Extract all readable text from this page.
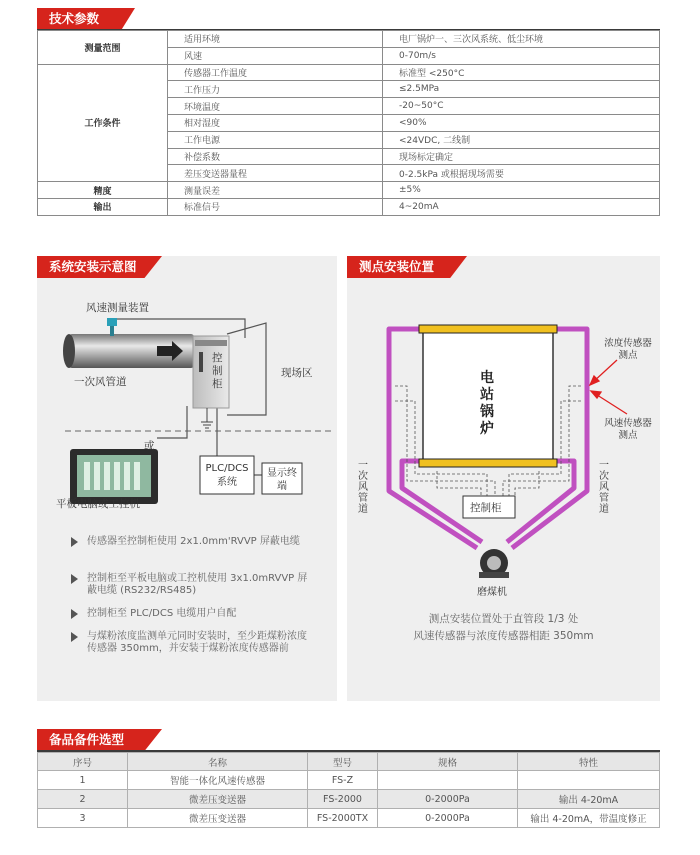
技术参数
测量范围	适用环境	电厂锅炉一、三次风系统、低尘环境
	风速	0-70m/s
工作条件	传感器工作温度	标准型 <250°C
	工作压力	≤2.5MPa
	环境温度	-20~50°C
	相对湿度	<90%
	工作电源	<24VDC, 二线制
	补偿系数	现场标定确定
	差压变送器量程	0-2.5kPa 或根据现场需要
精度	测量误差	±5%
输出	标准信号	4~20mA
系统安装示意图
风速测量装置
一次风管道
控制柜
现场区
或
PLC/DCS系统
显示终端
平板电脑或工控机
传感器至控制柜使用 2x1.0mm'RVVP 屏蔽电缆
控制柜至平板电脑或工控机使用 3x1.0mRVVP 屏蔽电缆 (RS232/RS485)
控制柜至 PLC/DCS 电缆用户自配
与煤粉浓度监测单元同时安装时，至少距煤粉浓度传感器 350mm，并安装于煤粉浓度传感器前
测点安装位置
电站锅炉
浓度传感器测点
风速传感器测点
一次风管道
一次风管道
控制柜
磨煤机
测点安装位置处于直管段 1/3 处
风速传感器与浓度传感器相距 350mm
备品备件选型
序号	名称	型号	规格	特性
1	智能一体化风速传感器	FS-Z		
2	微差压变送器	FS-2000	0-2000Pa	输出 4-20mA
3	微差压变送器	FS-2000TX	0-2000Pa	输出 4-20mA，带温度修正
